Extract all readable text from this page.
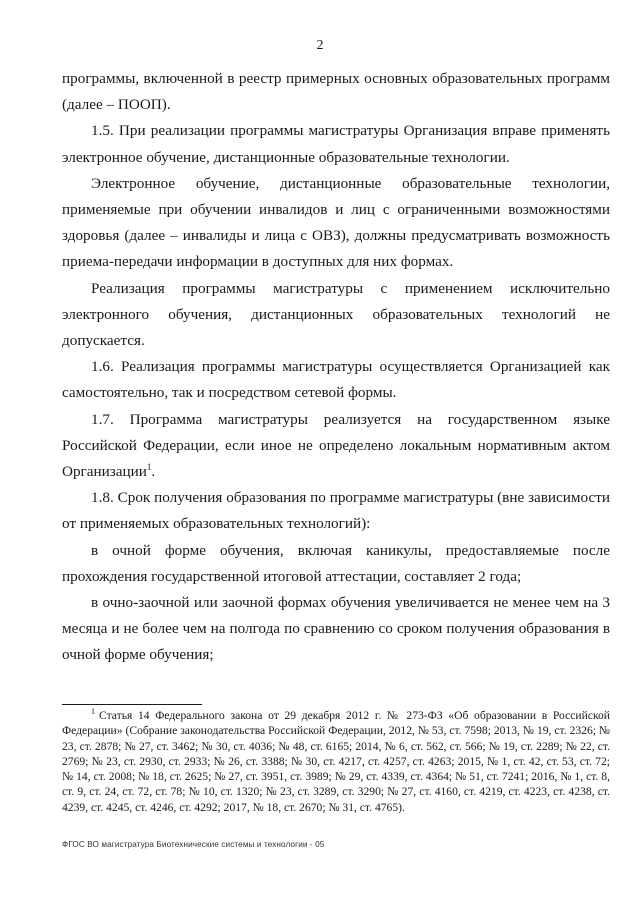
2

программы, включенной в реестр примерных основных образовательных программ (далее – ПООП).

1.5. При реализации программы магистратуры Организация вправе применять электронное обучение, дистанционные образовательные технологии.

Электронное обучение, дистанционные образовательные технологии, применяемые при обучении инвалидов и лиц с ограниченными возможностями здоровья (далее – инвалиды и лица с ОВЗ), должны предусматривать возможность приема-передачи информации в доступных для них формах.

Реализация программы магистратуры с применением исключительно электронного обучения, дистанционных образовательных технологий не допускается.

1.6. Реализация программы магистратуры осуществляется Организацией как самостоятельно, так и посредством сетевой формы.

1.7. Программа магистратуры реализуется на государственном языке Российской Федерации, если иное не определено локальным нормативным актом Организации$^1$.

1.8. Срок получения образования по программе магистратуры (вне зависимости от применяемых образовательных технологий):

в очной форме обучения, включая каникулы, предоставляемые после прохождения государственной итоговой аттестации, составляет 2 года;

в очно-заочной или заочной формах обучения увеличивается не менее чем на 3 месяца и не более чем на полгода по сравнению со сроком получения образования в очной форме обучения;

$^1$ Статья 14 Федерального закона от 29 декабря 2012 г. № 273-ФЗ «Об образовании в Российской Федерации» (Собрание законодательства Российской Федерации, 2012, № 53, ст. 7598; 2013, № 19, ст. 2326; № 23, ст. 2878; № 27, ст. 3462; № 30, ст. 4036; № 48, ст. 6165; 2014, № 6, ст. 562, ст. 566; № 19, ст. 2289; № 22, ст. 2769; № 23, ст. 2930, ст. 2933; № 26, ст. 3388; № 30, ст. 4217, ст. 4257, ст. 4263; 2015, № 1, ст. 42, ст. 53, ст. 72; № 14, ст. 2008; № 18, ст. 2625; № 27, ст. 3951, ст. 3989; № 29, ст. 4339, ст. 4364; № 51, ст. 7241; 2016, № 1, ст. 8, ст. 9, ст. 24, ст. 72, ст. 78; № 10, ст. 1320; № 23, ст. 3289, ст. 3290; № 27, ст. 4160, ст. 4219, ст. 4223, ст. 4238, ст. 4239, ст. 4245, ст. 4246, ст. 4292; 2017, № 18, ст. 2670; № 31, ст. 4765).
ФГОС ВО магистратура Биотехнические системы и технологии - 05
